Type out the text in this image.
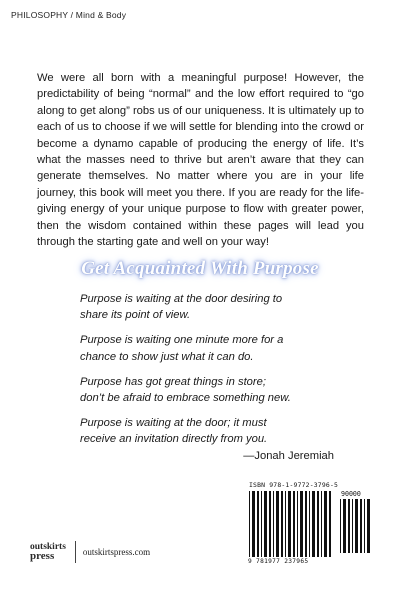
PHILOSOPHY / Mind & Body
We were all born with a meaningful purpose! However, the predictability of being “normal” and the low effort required to “go along to get along” robs us of our uniqueness. It is ultimately up to each of us to choose if we will settle for blending into the crowd or become a dynamo capable of producing the energy of life. It’s what the masses need to thrive but aren’t aware that they can generate themselves. No matter where you are in your life journey, this book will meet you there. If you are ready for the life-giving energy of your unique purpose to flow with greater power, then the wisdom contained within these pages will lead you through the starting gate and well on your way!
Get Acquainted With Purpose
Purpose is waiting at the door desiring to
share its point of view.
Purpose is waiting one minute more for a
chance to show just what it can do.
Purpose has got great things in store;
don’t be afraid to embrace something new.
Purpose is waiting at the door; it must
receive an invitation directly from you.
—Jonah Jeremiah
ISBN 978-1-9772-3796-5
9 781977 237965
90000
outskirts
press	outskirtspress.com
